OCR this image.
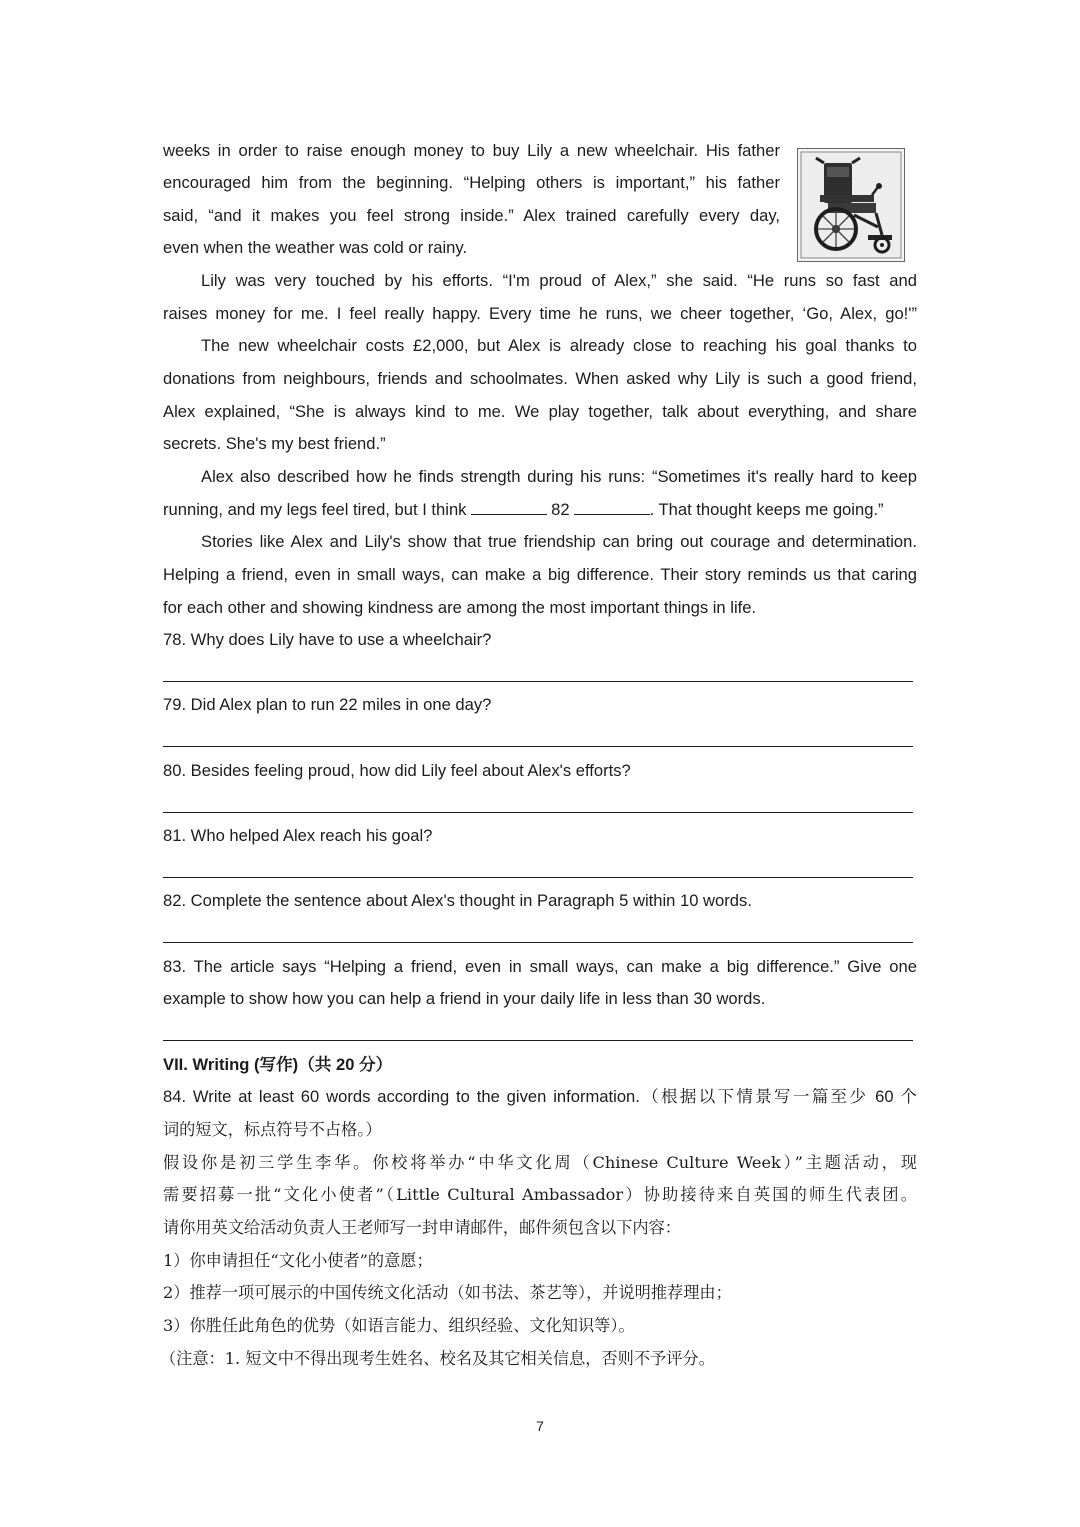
weeks in order to raise enough money to buy Lily a new wheelchair. His father

encouraged him from the beginning. “Helping others is important,” his father

said, “and it makes you feel strong inside.” Alex trained carefully every day,

even when the weather was cold or rainy.

Lily was very touched by his efforts. “I'm proud of Alex,” she said. “He runs so fast and

raises money for me. I feel really happy. Every time he runs, we cheer together, ‘Go, Alex, go!'”

The new wheelchair costs £2,000, but Alex is already close to reaching his goal thanks to

donations from neighbours, friends and schoolmates. When asked why Lily is such a good friend,

Alex explained, “She is always kind to me. We play together, talk about everything, and share

secrets. She's my best friend.”

Alex also described how he finds strength during his runs: “Sometimes it's really hard to keep

running, and my legs feel tired, but I think	82	. That thought keeps me going.”

Stories like Alex and Lily's show that true friendship can bring out courage and determination.

Helping a friend, even in small ways, can make a big difference. Their story reminds us that caring

for each other and showing kindness are among the most important things in life.

78. Why does Lily have to use a wheelchair?

79. Did Alex plan to run 22 miles in one day?

80. Besides feeling proud, how did Lily feel about Alex's efforts?

81. Who helped Alex reach his goal?

82. Complete the sentence about Alex's thought in Paragraph 5 within 10 words.

83. The article says “Helping a friend, even in small ways, can make a big difference.” Give one

example to show how you can help a friend in your daily life in less than 30 words.

VII. Writing (写作)（共 20 分）

84. Write at least 60 words according to the given information.（根据以下情景写一篇至少 60 个

词的短文，标点符号不占格。）

假设你是初三学生李华。你校将举办“中华文化周（Chinese Culture Week）”主题活动，现

需要招募一批“文化小使者”（Little Cultural Ambassador）协助接待来自英国的师生代表团。

请你用英文给活动负责人王老师写一封申请邮件，邮件须包含以下内容：

1）你申请担任“文化小使者”的意愿；

2）推荐一项可展示的中国传统文化活动（如书法、茶艺等），并说明推荐理由；

3）你胜任此角色的优势（如语言能力、组织经验、文化知识等）。

（注意：1. 短文中不得出现考生姓名、校名及其它相关信息，否则不予评分。

7
